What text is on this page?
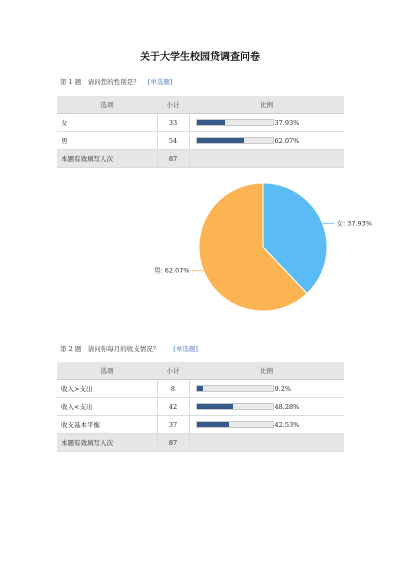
关于大学生校园贷调查问卷
第 1 题　请问您的性别是？ [单选题]
选项	小计	比例
女	33	37.93%
男	54	62.07%
本题有效填写人次	87	
女: 37.93%
男: 62.07%
第 2 题　请问你每月的收支情况？ [单选题]
选项	小计	比例
收入>支出	8	9.2%
收入<支出	42	48.28%
收支基本平衡	37	42.53%
本题有效填写人次	87	
